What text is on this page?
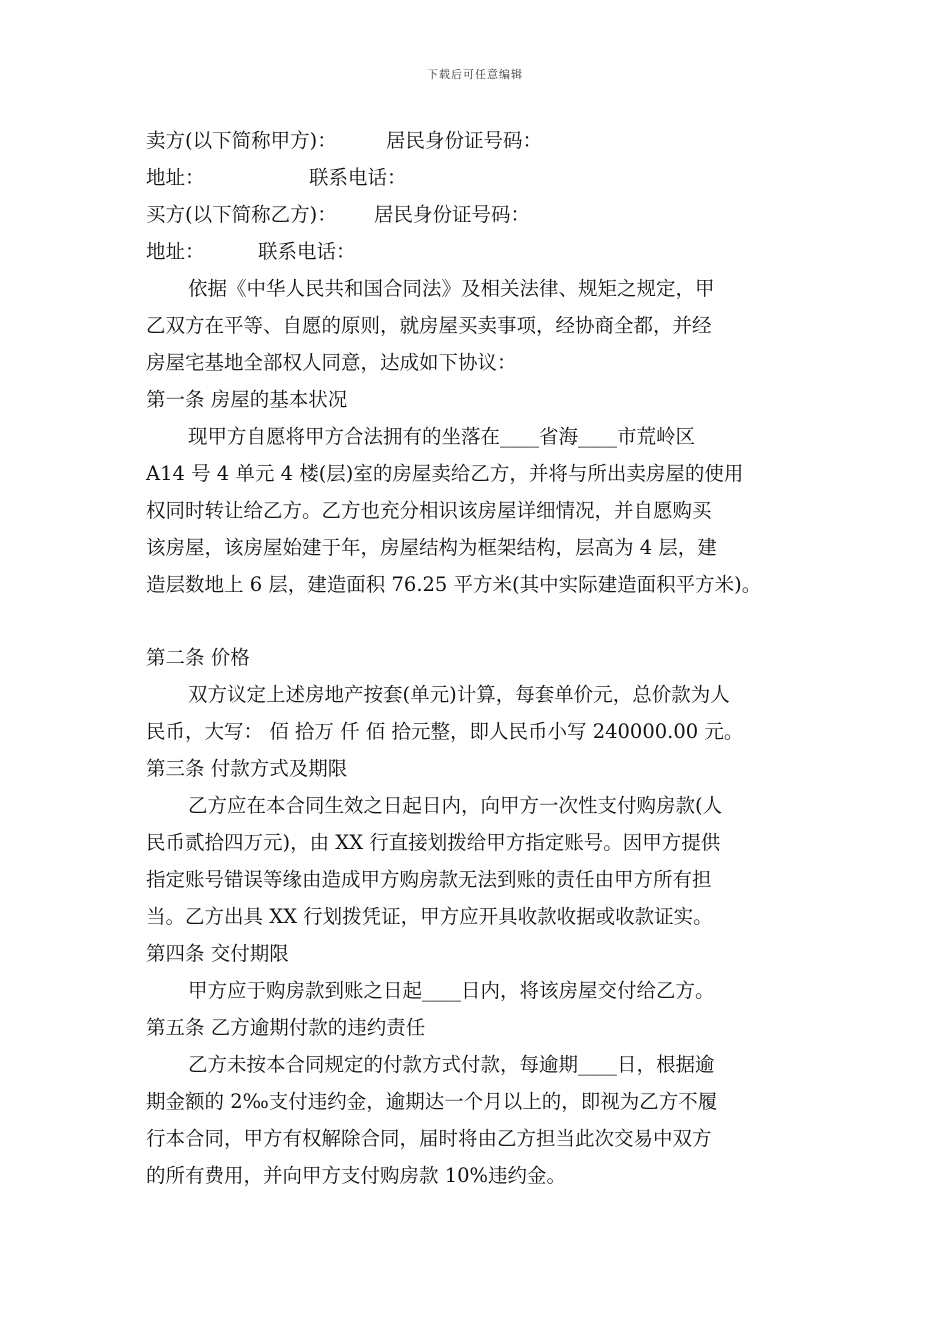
下载后可任意编辑
卖方(以下简称甲方)：	居民身份证号码：
地址：	联系电话：
买方(以下简称乙方)： 居民身份证号码：
地址：	联系电话：
依据《中华人民共和国合同法》及相关法律、规矩之规定，甲
乙双方在平等、自愿的原则，就房屋买卖事项，经协商全都，并经
房屋宅基地全部权人同意，达成如下协议：
第一条 房屋的基本状况
现甲方自愿将甲方合法拥有的坐落在____省海____市荒岭区
A14 号 4 单元 4 楼(层)室的房屋卖给乙方，并将与所出卖房屋的使用
权同时转让给乙方。乙方也充分相识该房屋详细情况，并自愿购买
该房屋，该房屋始建于年，房屋结构为框架结构，层高为 4 层，建
造层数地上 6 层，建造面积 76.25 平方米(其中实际建造面积平方米)。
第二条 价格
双方议定上述房地产按套(单元)计算，每套单价元，总价款为人
民币，大写： 佰 拾万 仟 佰 拾元整，即人民币小写 240000.00 元。
第三条 付款方式及期限
乙方应在本合同生效之日起日内，向甲方一次性支付购房款(人
民币贰拾四万元)，由 XX 行直接划拨给甲方指定账号。因甲方提供
指定账号错误等缘由造成甲方购房款无法到账的责任由甲方所有担
当。乙方出具 XX 行划拨凭证，甲方应开具收款收据或收款证实。
第四条 交付期限
甲方应于购房款到账之日起____日内，将该房屋交付给乙方。
第五条 乙方逾期付款的违约责任
乙方未按本合同规定的付款方式付款，每逾期____日，根据逾
期金额的 2‰支付违约金，逾期达一个月以上的，即视为乙方不履
行本合同，甲方有权解除合同，届时将由乙方担当此次交易中双方
的所有费用，并向甲方支付购房款 10%违约金。
